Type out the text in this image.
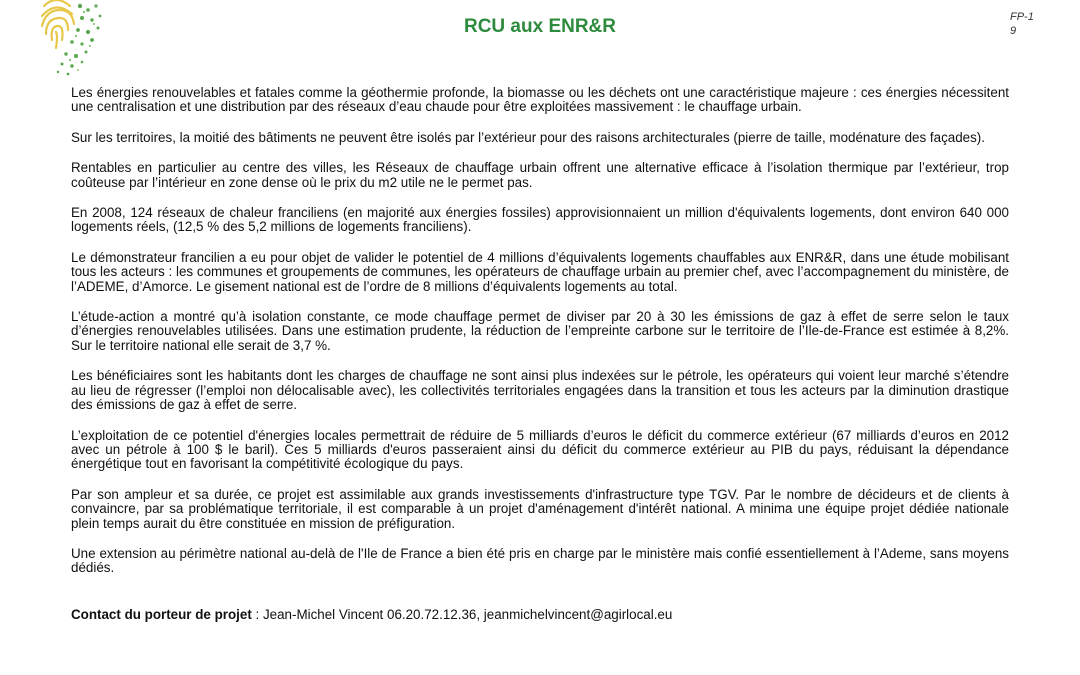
RCU aux ENR&R	FP-1
9

Les énergies renouvelables et fatales comme la géothermie profonde, la biomasse ou les déchets ont une caractéristique majeure : ces énergies nécessitent une centralisation et une distribution par des réseaux d’eau chaude pour être exploitées massivement : le chauffage urbain.

Sur les territoires, la moitié des bâtiments ne peuvent être isolés par l’extérieur pour des raisons architecturales (pierre de taille, modénature des façades).

Rentables en particulier au centre des villes, les Réseaux de chauffage urbain offrent une alternative efficace à l’isolation thermique par l’extérieur, trop coûteuse par l’intérieur en zone dense où le prix du m2 utile ne le permet pas.

En 2008, 124 réseaux de chaleur franciliens (en majorité aux énergies fossiles) approvisionnaient un million d'équivalents logements, dont environ 640 000 logements réels, (12,5 % des 5,2 millions de logements franciliens).

Le démonstrateur francilien a eu pour objet de valider le potentiel de 4 millions d’équivalents logements chauffables aux ENR&R, dans une étude mobilisant tous les acteurs : les communes et groupements de communes, les opérateurs de chauffage urbain au premier chef, avec l’accompagnement du ministère, de l’ADEME, d’Amorce. Le gisement national est de l’ordre de 8 millions d’équivalents logements au total.

L’étude-action a montré qu’à isolation constante, ce mode chauffage permet de diviser par 20 à 30 les émissions de gaz à effet de serre selon le taux d’énergies renouvelables utilisées. Dans une estimation prudente, la réduction de l’empreinte carbone sur le territoire de l’Ile-de-France est estimée à 8,2%. Sur le territoire national elle serait de 3,7 %.

Les bénéficiaires sont les habitants dont les charges de chauffage ne sont ainsi plus indexées sur le pétrole, les opérateurs qui voient leur marché s’étendre au lieu de régresser (l’emploi non délocalisable avec), les collectivités territoriales engagées dans la transition et tous les acteurs par la diminution drastique des émissions de gaz à effet de serre.

L’exploitation de ce potentiel d'énergies locales permettrait de réduire de 5 milliards d’euros le déficit du commerce extérieur (67 milliards d’euros en 2012 avec un pétrole à 100 $ le baril). Ces 5 milliards d'euros passeraient ainsi du déficit du commerce extérieur au PIB du pays, réduisant la dépendance énergétique tout en favorisant la compétitivité écologique du pays.

Par son ampleur et sa durée, ce projet est assimilable aux grands investissements d'infrastructure type TGV. Par le nombre de décideurs et de clients à convaincre, par sa problématique territoriale, il est comparable à un projet d'aménagement d'intérêt national. A minima une équipe projet dédiée nationale plein temps aurait du être constituée en mission de préfiguration.

Une extension au périmètre national au-delà de l'Ile de France a bien été pris en charge par le ministère mais confié essentiellement à l’Ademe, sans moyens dédiés.

Contact du porteur de projet : Jean-Michel Vincent 06.20.72.12.36, jeanmichelvincent@agirlocal.eu
